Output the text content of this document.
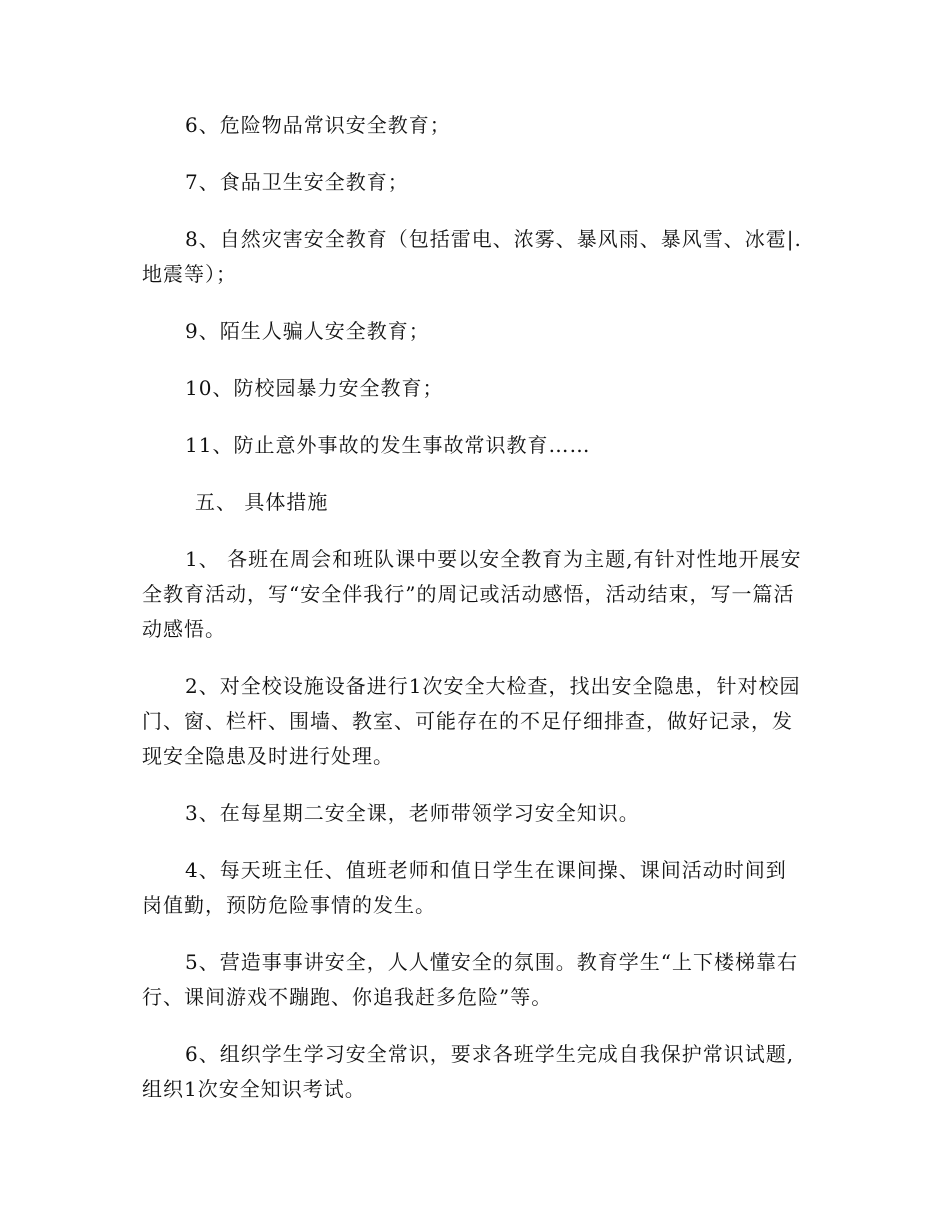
6、危险物品常识安全教育；

7、食品卫生安全教育；

8、自然灾害安全教育（包括雷电、浓雾、暴风雨、暴风雪、冰雹|.地震等）；

9、陌生人骗人安全教育；

10、防校园暴力安全教育；

11、防止意外事故的发生事故常识教育……

五、 具体措施

1、 各班在周会和班队课中要以安全教育为主题,有针对性地开展安全教育活动，写“安全伴我行”的周记或活动感悟，活动结束，写一篇活动感悟。

2、对全校设施设备进行1次安全大检查，找出安全隐患，针对校园门、窗、栏杆、围墙、教室、可能存在的不足仔细排查，做好记录，发现安全隐患及时进行处理。

3、在每星期二安全课，老师带领学习安全知识。

4、每天班主任、值班老师和值日学生在课间操、课间活动时间到岗值勤，预防危险事情的发生。

5、营造事事讲安全，人人懂安全的氛围。教育学生“上下楼梯靠右行、课间游戏不蹦跑、你追我赶多危险”等。

6、组织学生学习安全常识，要求各班学生完成自我保护常识试题,组织1次安全知识考试。
